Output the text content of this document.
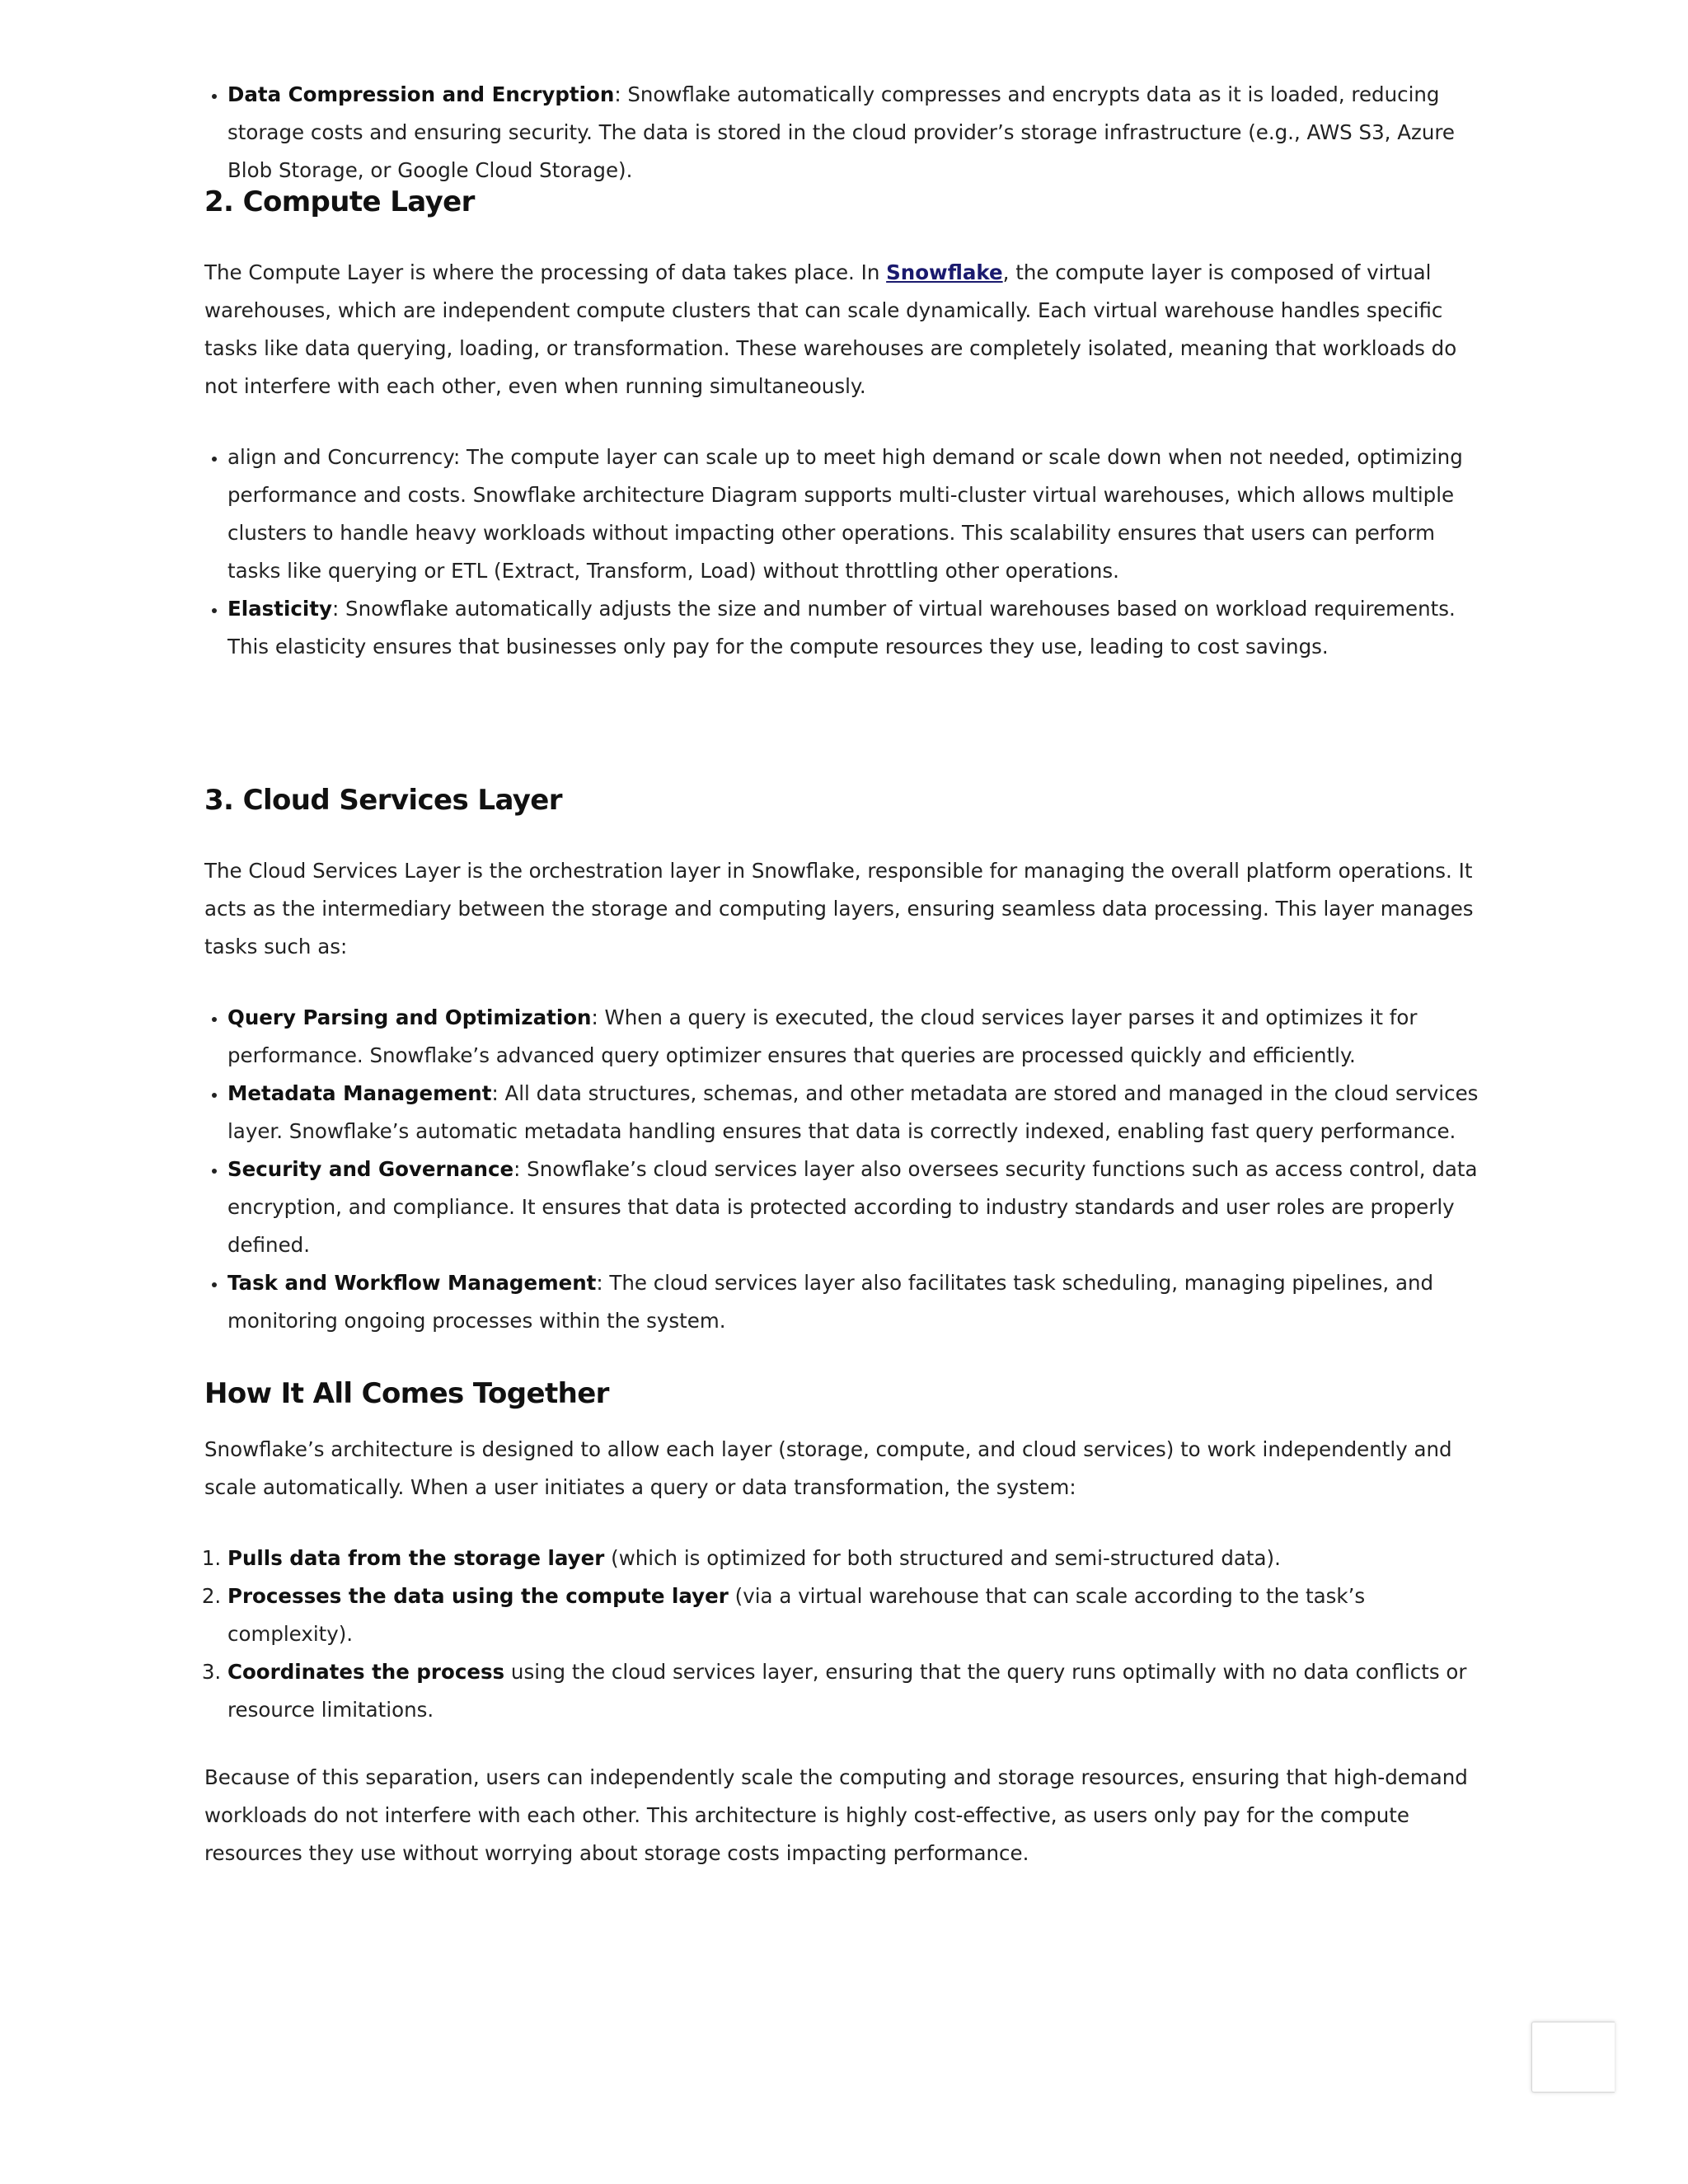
• Data Compression and Encryption: Snowflake automatically compresses and encrypts data as it is loaded, reducing storage costs and ensuring security. The data is stored in the cloud provider’s storage infrastructure (e.g., AWS S3, Azure Blob Storage, or Google Cloud Storage).
2. Compute Layer

The Compute Layer is where the processing of data takes place. In Snowflake, the compute layer is composed of virtual warehouses, which are independent compute clusters that can scale dynamically. Each virtual warehouse handles specific tasks like data querying, loading, or transformation. These warehouses are completely isolated, meaning that workloads do not interfere with each other, even when running simultaneously.

• align and Concurrency: The compute layer can scale up to meet high demand or scale down when not needed, optimizing performance and costs. Snowflake architecture Diagram supports multi-cluster virtual warehouses, which allows multiple clusters to handle heavy workloads without impacting other operations. This scalability ensures that users can perform tasks like querying or ETL (Extract, Transform, Load) without throttling other operations.
• Elasticity: Snowflake automatically adjusts the size and number of virtual warehouses based on workload requirements. This elasticity ensures that businesses only pay for the compute resources they use, leading to cost savings.
3. Cloud Services Layer

The Cloud Services Layer is the orchestration layer in Snowflake, responsible for managing the overall platform operations. It acts as the intermediary between the storage and computing layers, ensuring seamless data processing. This layer manages tasks such as:

• Query Parsing and Optimization: When a query is executed, the cloud services layer parses it and optimizes it for performance. Snowflake’s advanced query optimizer ensures that queries are processed quickly and efficiently.
• Metadata Management: All data structures, schemas, and other metadata are stored and managed in the cloud services layer. Snowflake’s automatic metadata handling ensures that data is correctly indexed, enabling fast query performance.
• Security and Governance: Snowflake’s cloud services layer also oversees security functions such as access control, data encryption, and compliance. It ensures that data is protected according to industry standards and user roles are properly defined.
• Task and Workflow Management: The cloud services layer also facilitates task scheduling, managing pipelines, and monitoring ongoing processes within the system.
How It All Comes Together

Snowflake’s architecture is designed to allow each layer (storage, compute, and cloud services) to work independently and scale automatically. When a user initiates a query or data transformation, the system:

1. Pulls data from the storage layer (which is optimized for both structured and semi-structured data).
2. Processes the data using the compute layer (via a virtual warehouse that can scale according to the task’s complexity).
3. Coordinates the process using the cloud services layer, ensuring that the query runs optimally with no data conflicts or resource limitations.

Because of this separation, users can independently scale the computing and storage resources, ensuring that high-demand workloads do not interfere with each other. This architecture is highly cost-effective, as users only pay for the compute resources they use without worrying about storage costs impacting performance.
